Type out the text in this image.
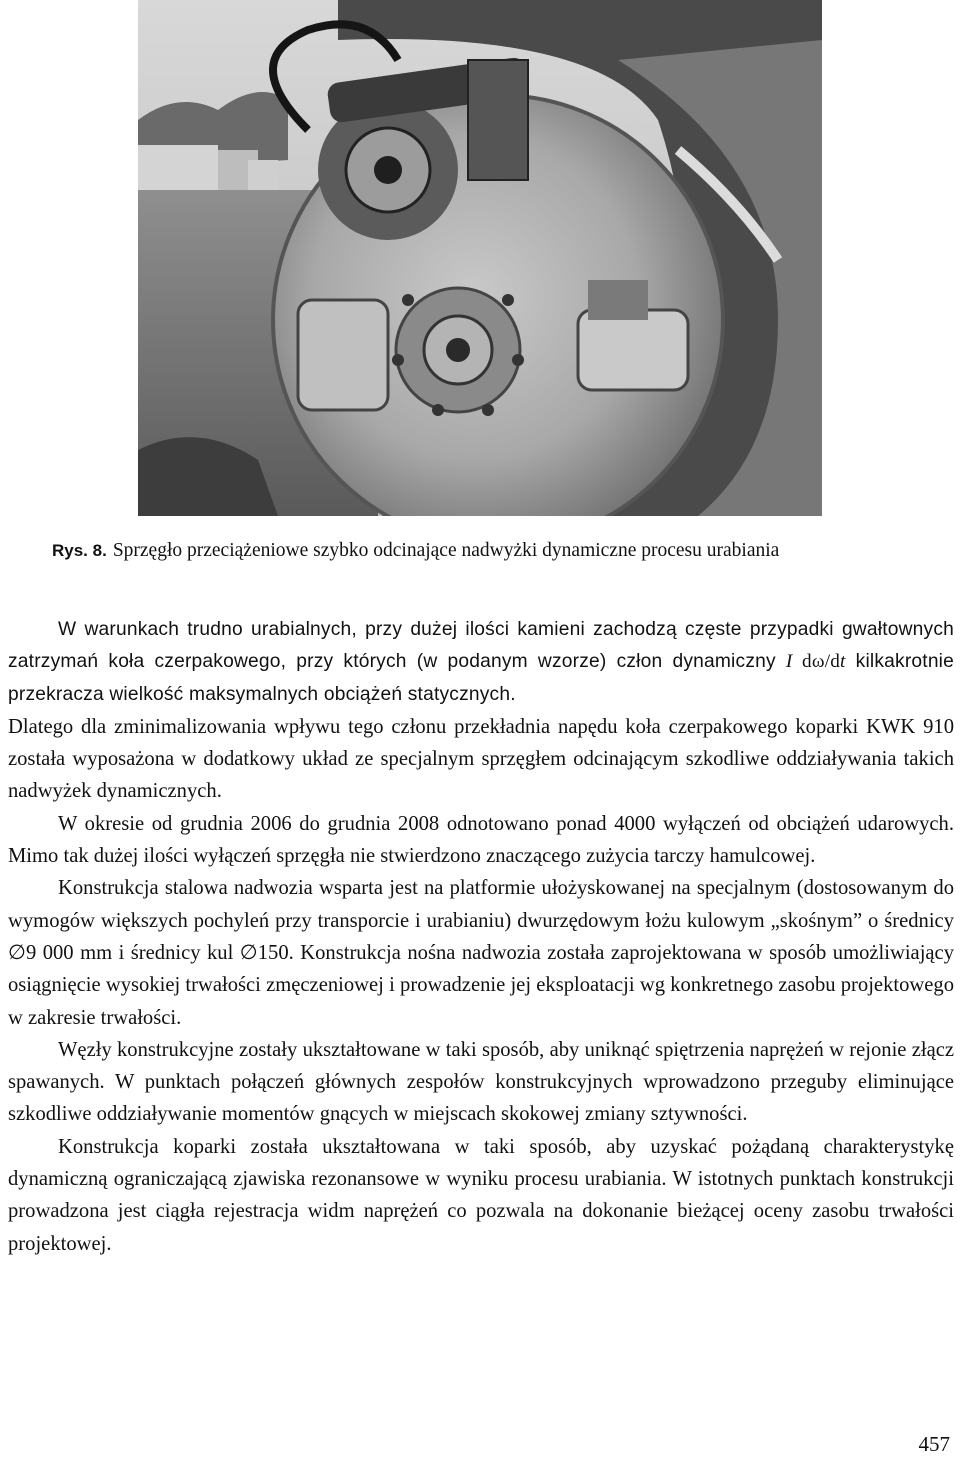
Rys. 8. Sprzęgło przeciążeniowe szybko odcinające nadwyżki dynamiczne procesu urabiania

W warunkach trudno urabialnych, przy dużej ilości kamieni zachodzą częste przypadki gwałtownych zatrzymań koła czerpakowego, przy których (w podanym wzorze) człon dynamiczny I dω/dt kilkakrotnie przekracza wielkość maksymalnych obciążeń statycznych.

Dlatego dla zminimalizowania wpływu tego członu przekładnia napędu koła czerpakowego koparki KWK 910 została wyposażona w dodatkowy układ ze specjalnym sprzęgłem odcinającym szkodliwe oddziaływania takich nadwyżek dynamicznych.

W okresie od grudnia 2006 do grudnia 2008 odnotowano ponad 4000 wyłączeń od obciążeń udarowych. Mimo tak dużej ilości wyłączeń sprzęgła nie stwierdzono znaczącego zużycia tarczy hamulcowej.

Konstrukcja stalowa nadwozia wsparta jest na platformie ułożyskowanej na specjalnym (dostosowanym do wymogów większych pochyleń przy transporcie i urabianiu) dwurzędowym łożu kulowym „skośnym” o średnicy ∅9 000 mm i średnicy kul ∅150. Konstrukcja nośna nadwozia została zaprojektowana w sposób umożliwiający osiągnięcie wysokiej trwałości zmęczeniowej i prowadzenie jej eksploatacji wg konkretnego zasobu projektowego w zakresie trwałości.

Węzły konstrukcyjne zostały ukształtowane w taki sposób, aby uniknąć spiętrzenia naprężeń w rejonie złącz spawanych. W punktach połączeń głównych zespołów konstrukcyjnych wprowadzono przeguby eliminujące szkodliwe oddziaływanie momentów gnących w miejscach skokowej zmiany sztywności.

Konstrukcja koparki została ukształtowana w taki sposób, aby uzyskać pożądaną charakterystykę dynamiczną ograniczającą zjawiska rezonansowe w wyniku procesu urabiania. W istotnych punktach konstrukcji prowadzona jest ciągła rejestracja widm naprężeń co pozwala na dokonanie bieżącej oceny zasobu trwałości projektowej.

457
